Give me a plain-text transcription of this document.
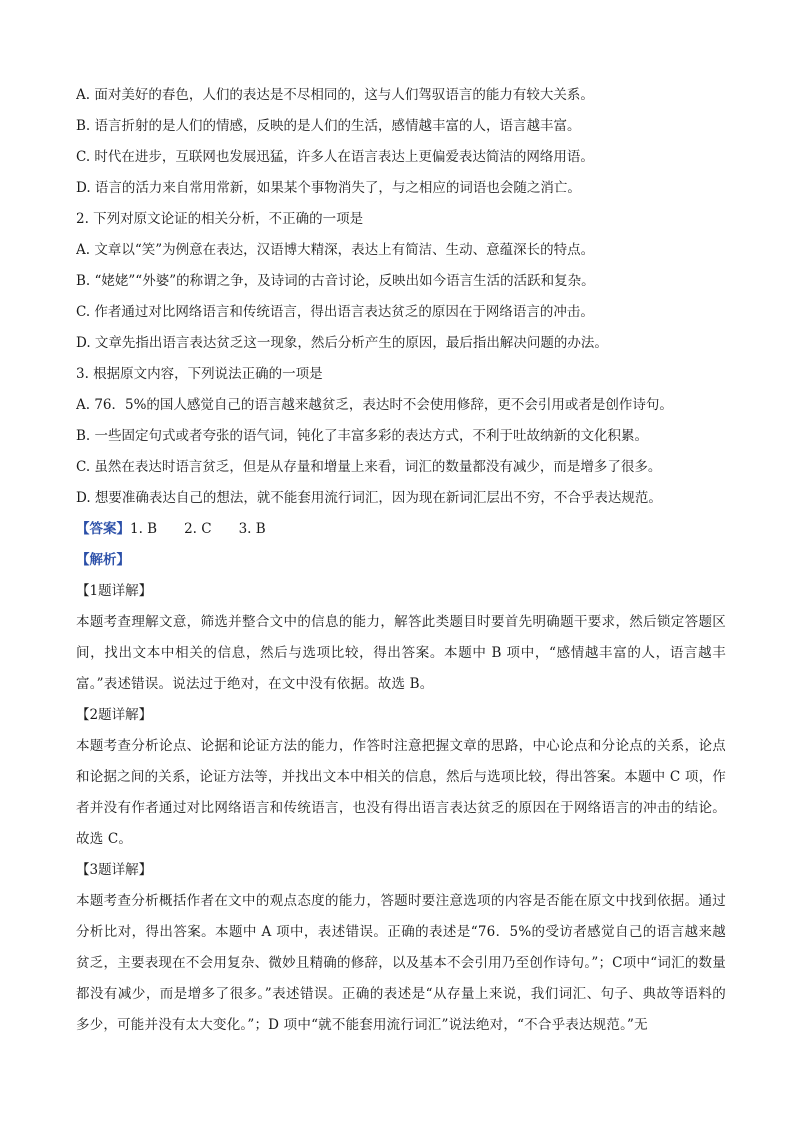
A. 面对美好的春色，人们的表达是不尽相同的，这与人们驾驭语言的能力有较大关系。
B. 语言折射的是人们的情感，反映的是人们的生活，感情越丰富的人，语言越丰富。
C. 时代在进步，互联网也发展迅猛，许多人在语言表达上更偏爱表达简洁的网络用语。
D. 语言的活力来自常用常新，如果某个事物消失了，与之相应的词语也会随之消亡。
2. 下列对原文论证的相关分析，不正确的一项是
A. 文章以“笑”为例意在表达，汉语博大精深，表达上有简洁、生动、意蕴深长的特点。
B. “姥姥”“外婆”的称谓之争，及诗词的古音讨论，反映出如今语言生活的活跃和复杂。
C. 作者通过对比网络语言和传统语言，得出语言表达贫乏的原因在于网络语言的冲击。
D. 文章先指出语言表达贫乏这一现象，然后分析产生的原因，最后指出解决问题的办法。
3. 根据原文内容，下列说法正确的一项是
A. 76．5%的国人感觉自己的语言越来越贫乏，表达时不会使用修辞，更不会引用或者是创作诗句。
B. 一些固定句式或者夸张的语气词，钝化了丰富多彩的表达方式，不利于吐故纳新的文化积累。
C. 虽然在表达时语言贫乏，但是从存量和增量上来看，词汇的数量都没有减少，而是增多了很多。
D. 想要准确表达自己的想法，就不能套用流行词汇，因为现在新词汇层出不穷，不合乎表达规范。
【答案】1. B　　2. C　　3. B
【解析】
【1题详解】
本题考查理解文意，筛选并整合文中的信息的能力，解答此类题目时要首先明确题干要求，然后锁定答题区间，找出文本中相关的信息，然后与选项比较，得出答案。本题中 B 项中，“感情越丰富的人，语言越丰富。”表述错误。说法过于绝对，在文中没有依据。故选 B。
【2题详解】
本题考查分析论点、论据和论证方法的能力，作答时注意把握文章的思路，中心论点和分论点的关系，论点和论据之间的关系，论证方法等，并找出文本中相关的信息，然后与选项比较，得出答案。本题中 C 项，作者并没有作者通过对比网络语言和传统语言，也没有得出语言表达贫乏的原因在于网络语言的冲击的结论。故选 C。
【3题详解】
本题考查分析概括作者在文中的观点态度的能力，答题时要注意选项的内容是否能在原文中找到依据。通过分析比对，得出答案。本题中 A 项中，表述错误。正确的表述是“76．5%的受访者感觉自己的语言越来越贫乏，主要表现在不会用复杂、微妙且精确的修辞，以及基本不会引用乃至创作诗句。”；C项中“词汇的数量都没有减少，而是增多了很多。”表述错误。正确的表述是“从存量上来说，我们词汇、句子、典故等语料的多少，可能并没有太大变化。”；D 项中“就不能套用流行词汇”说法绝对，“不合乎表达规范。”无
